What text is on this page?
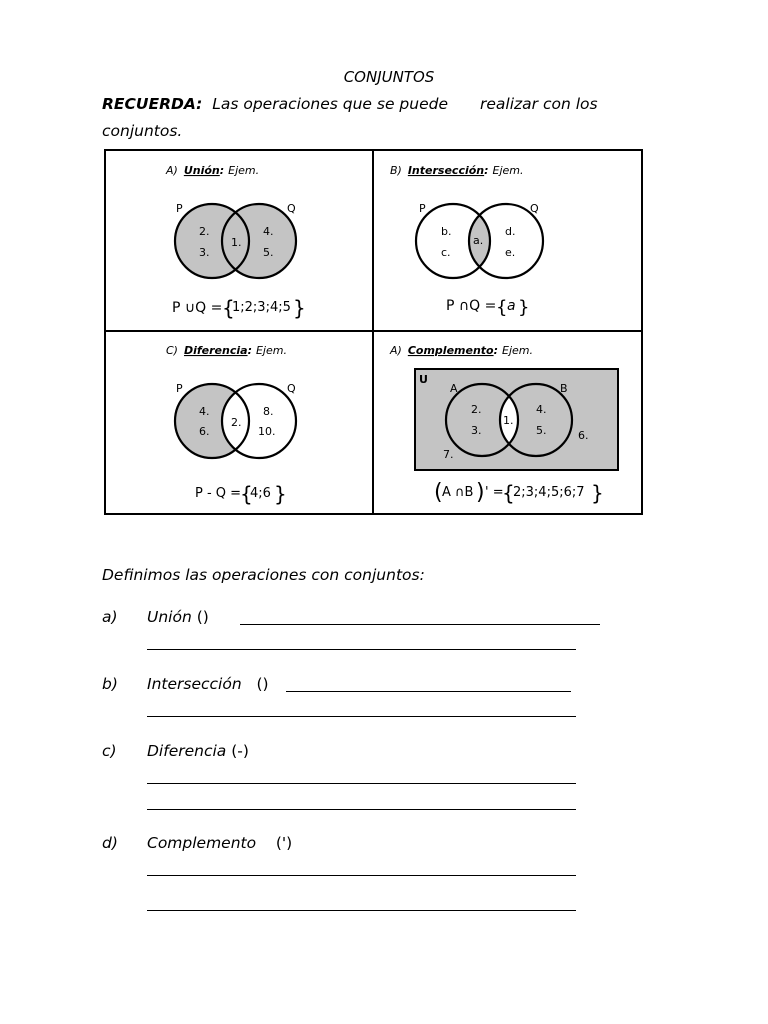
CONJUNTOS
RECUERDA: Las operaciones que se puede realizar con los
conjuntos.
A) Unión: Ejem.
P	Q
2.
3.
1.
4.
5.
P ∪Q = {
1;2;3;4;5 }
B) Intersección: Ejem.
P	Q
b.
c.
a.
d.
e.
P ∩Q = { a }
C) Diferencia: Ejem.
P	Q
4.
6.
2.
8.
10.
P - Q =
{
4;6 }
A) Complemento: Ejem.
U
A	B
2.
3.
1.
4.
5.	6.
7.
( A ∩B ) ' =
{
2;3;4;5;6;7 }
Definimos las operaciones con conjuntos:
a) Unión ()
b) Intersección ()
c) Diferencia (-)
d) Complemento (')
